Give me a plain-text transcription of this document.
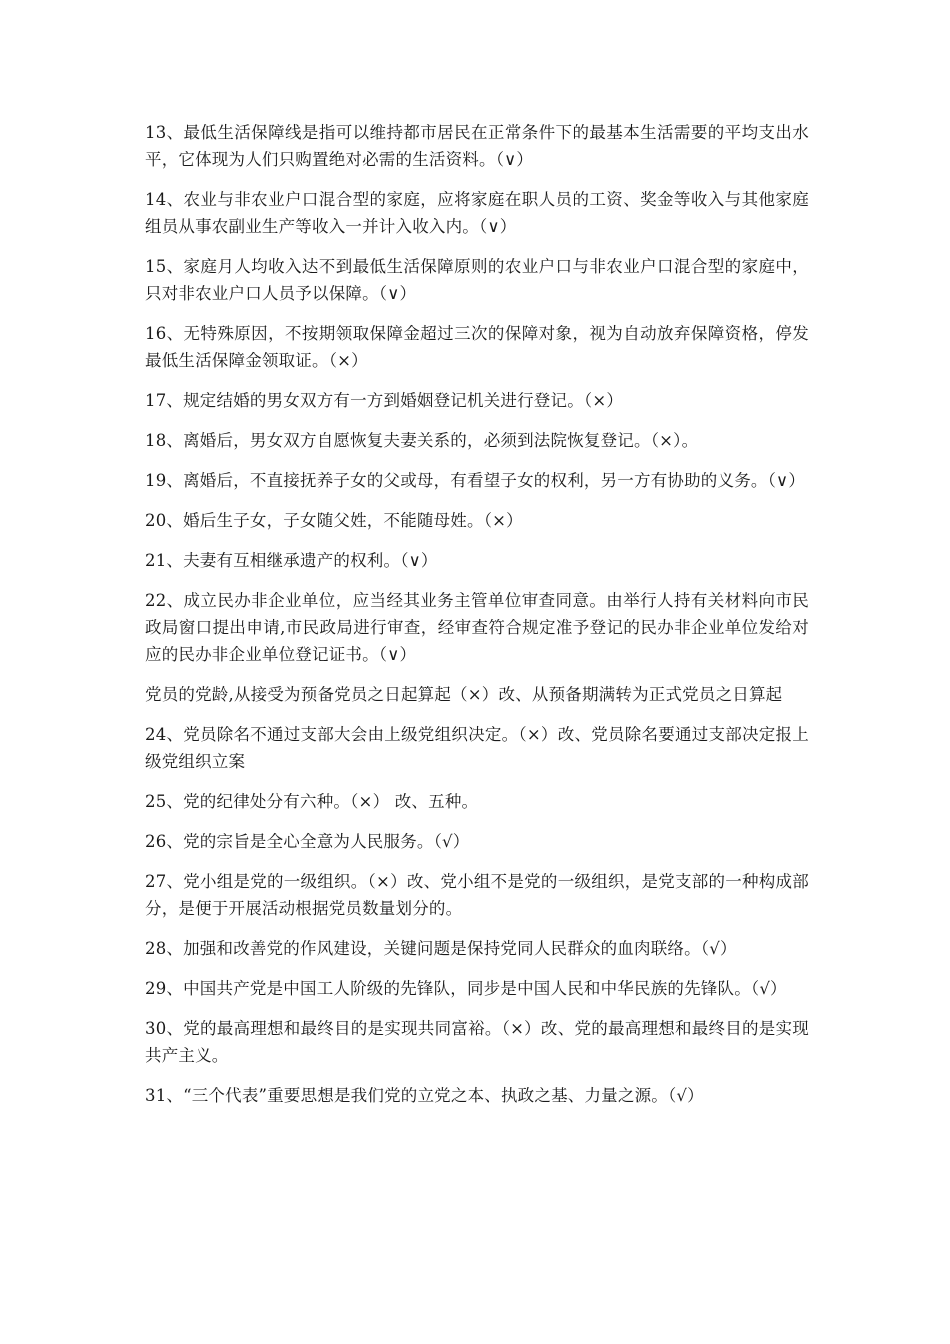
13、最低生活保障线是指可以维持都市居民在正常条件下的最基本生活需要的平均支出水平，它体现为人们只购置绝对必需的生活资料。（∨）

14、农业与非农业户口混合型的家庭，应将家庭在职人员的工资、奖金等收入与其他家庭组员从事农副业生产等收入一并计入收入内。（∨）

15、家庭月人均收入达不到最低生活保障原则的农业户口与非农业户口混合型的家庭中，只对非农业户口人员予以保障。（∨）

16、无特殊原因，不按期领取保障金超过三次的保障对象，视为自动放弃保障资格，停发最低生活保障金领取证。（×）

17、规定结婚的男女双方有一方到婚姻登记机关进行登记。（×）

18、离婚后，男女双方自愿恢复夫妻关系的，必须到法院恢复登记。（×）。

19、离婚后，不直接抚养子女的父或母，有看望子女的权利，另一方有协助的义务。（∨）

20、婚后生子女，子女随父姓，不能随母姓。（×）

21、夫妻有互相继承遗产的权利。（∨）

22、成立民办非企业单位，应当经其业务主管单位审查同意。由举行人持有关材料向市民政局窗口提出申请,市民政局进行审查，经审查符合规定准予登记的民办非企业单位发给对应的民办非企业单位登记证书。（∨）

党员的党龄,从接受为预备党员之日起算起（×）改、从预备期满转为正式党员之日算起

24、党员除名不通过支部大会由上级党组织决定。（×）改、党员除名要通过支部决定报上级党组织立案

25、党的纪律处分有六种。（×） 改、五种。

26、党的宗旨是全心全意为人民服务。（√）

27、党小组是党的一级组织。（×）改、党小组不是党的一级组织，是党支部的一种构成部分，是便于开展活动根据党员数量划分的。

28、加强和改善党的作风建设，关键问题是保持党同人民群众的血肉联络。（√）

29、中国共产党是中国工人阶级的先锋队，同步是中国人民和中华民族的先锋队。（√）

30、党的最高理想和最终目的是实现共同富裕。（×）改、党的最高理想和最终目的是实现共产主义。

31、“三个代表”重要思想是我们党的立党之本、执政之基、力量之源。（√）
